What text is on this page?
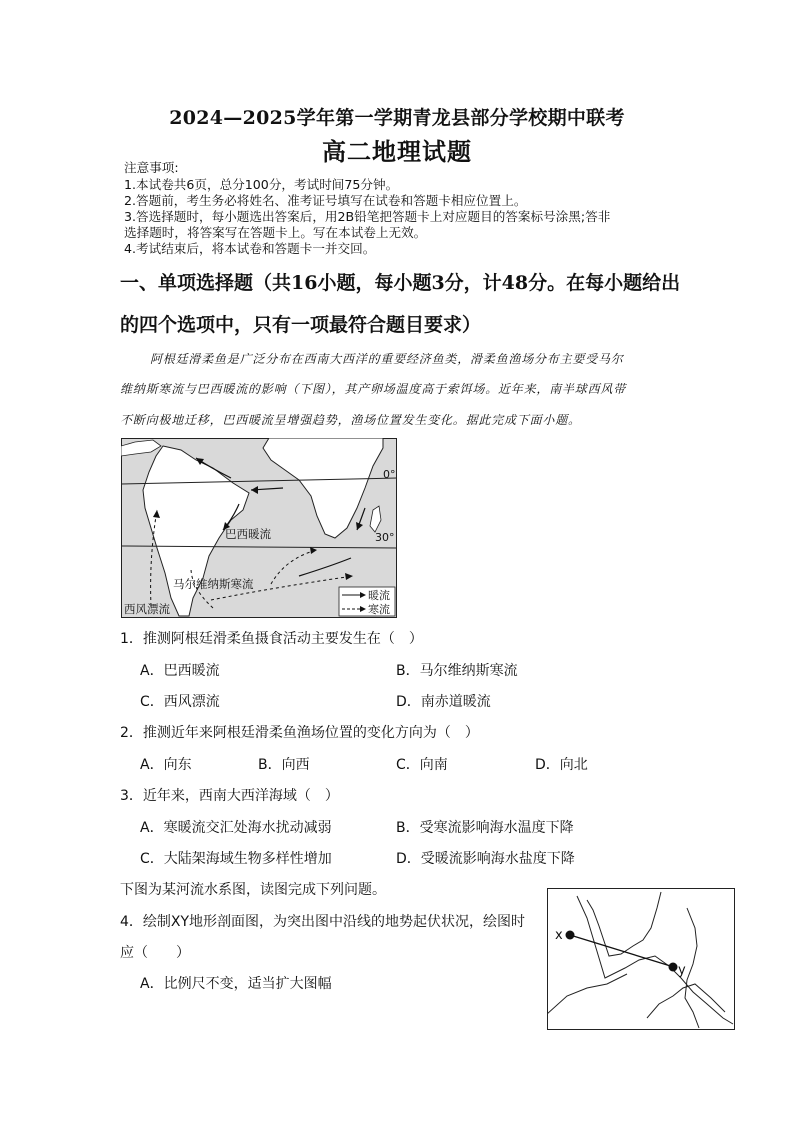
2024—2025学年第一学期青龙县部分学校期中联考
高二地理试题
注意事项:
1.本试卷共6页，总分100分，考试时间75分钟。
2.答题前，考生务必将姓名、准考证号填写在试卷和答题卡相应位置上。
3.答选择题时，每小题选出答案后，用2B铅笔把答题卡上对应题目的答案标号涂黑;答非
选择题时，将答案写在答题卡上。写在本试卷上无效。
4.考试结束后，将本试卷和答题卡一并交回。
一、单项选择题（共16小题，每小题3分，计48分。在每小题给出
的四个选项中，只有一项最符合题目要求）
阿根廷滑柔鱼是广泛分布在西南大西洋的重要经济鱼类，滑柔鱼渔场分布主要受马尔
维纳斯寒流与巴西暖流的影响（下图），其产卵场温度高于索饵场。近年来，南半球西风带
不断向极地迁移，巴西暖流呈增强趋势，渔场位置发生变化。据此完成下面小题。
0°
30°
巴西暖流
马尔维纳斯寒流
西风漂流
暖流
寒流
1．推测阿根廷滑柔鱼摄食活动主要发生在（　）
A．巴西暖流	B．马尔维纳斯寒流
C．西风漂流	D．南赤道暖流
2．推测近年来阿根廷滑柔鱼渔场位置的变化方向为（　）
A．向东	B．向西	C．向南	D．向北
3．近年来，西南大西洋海域（　）
A．寒暖流交汇处海水扰动减弱	B．受寒流影响海水温度下降
C．大陆架海域生物多样性增加	D．受暖流影响海水盐度下降
下图为某河流水系图，读图完成下列问题。
4．绘制XY地形剖面图，为突出图中沿线的地势起伏状况，绘图时
应（　　）
A．比例尺不变，适当扩大图幅
x
y
